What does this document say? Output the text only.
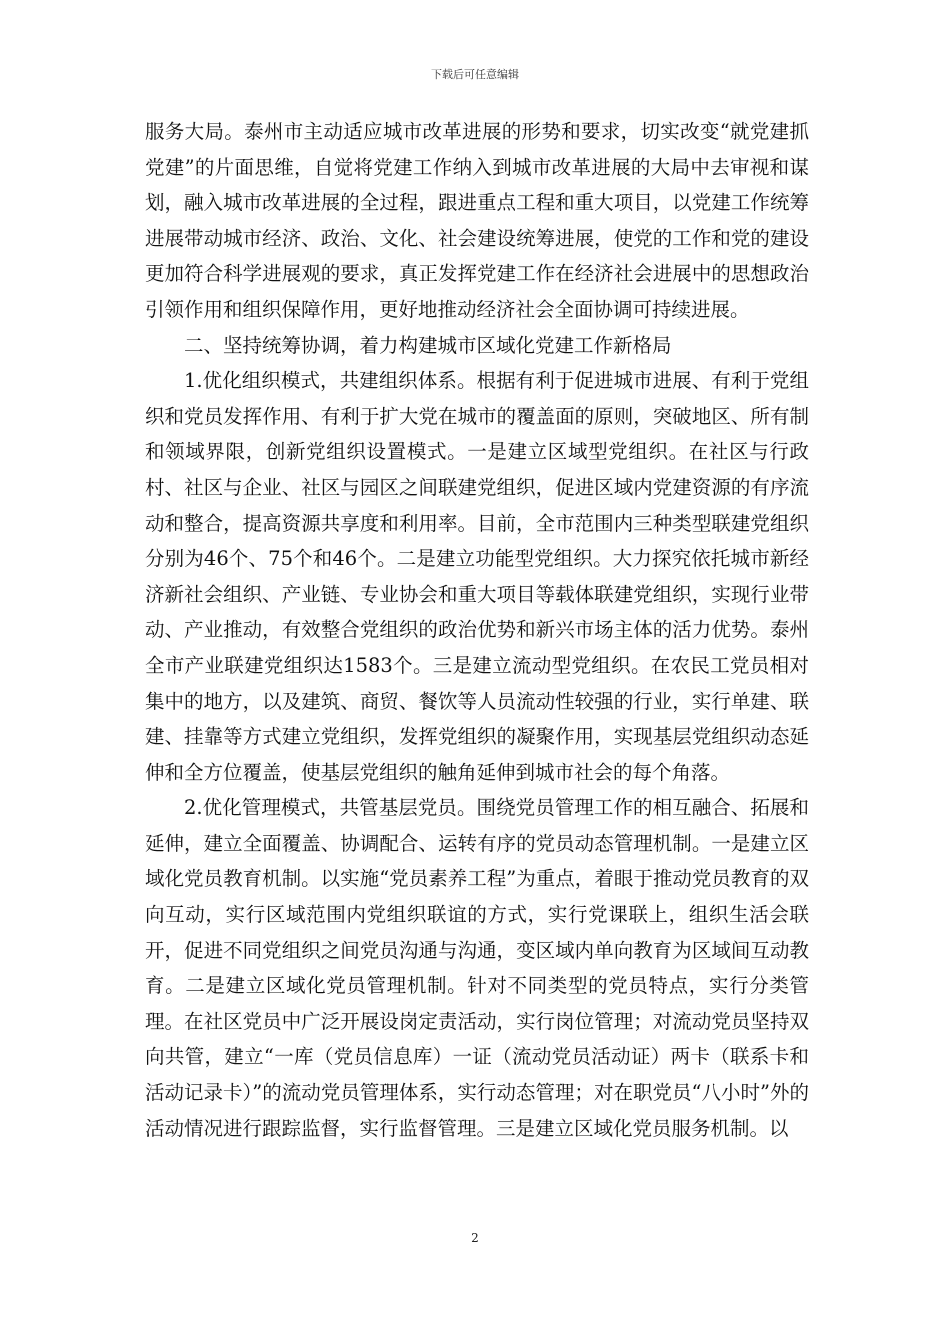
下载后可任意编辑

服务大局。泰州市主动适应城市改革进展的形势和要求，切实改变“就党建抓党建”的片面思维，自觉将党建工作纳入到城市改革进展的大局中去审视和谋划，融入城市改革进展的全过程，跟进重点工程和重大项目，以党建工作统筹进展带动城市经济、政治、文化、社会建设统筹进展，使党的工作和党的建设更加符合科学进展观的要求，真正发挥党建工作在经济社会进展中的思想政治引领作用和组织保障作用，更好地推动经济社会全面协调可持续进展。

二、坚持统筹协调，着力构建城市区域化党建工作新格局

1.优化组织模式，共建组织体系。根据有利于促进城市进展、有利于党组织和党员发挥作用、有利于扩大党在城市的覆盖面的原则，突破地区、所有制和领域界限，创新党组织设置模式。一是建立区域型党组织。在社区与行政村、社区与企业、社区与园区之间联建党组织，促进区域内党建资源的有序流动和整合，提高资源共享度和利用率。目前，全市范围内三种类型联建党组织分别为46个、75个和46个。二是建立功能型党组织。大力探究依托城市新经济新社会组织、产业链、专业协会和重大项目等载体联建党组织，实现行业带动、产业推动，有效整合党组织的政治优势和新兴市场主体的活力优势。泰州全市产业联建党组织达1583个。三是建立流动型党组织。在农民工党员相对集中的地方，以及建筑、商贸、餐饮等人员流动性较强的行业，实行单建、联建、挂靠等方式建立党组织，发挥党组织的凝聚作用，实现基层党组织动态延伸和全方位覆盖，使基层党组织的触角延伸到城市社会的每个角落。

2.优化管理模式，共管基层党员。围绕党员管理工作的相互融合、拓展和延伸，建立全面覆盖、协调配合、运转有序的党员动态管理机制。一是建立区域化党员教育机制。以实施“党员素养工程”为重点，着眼于推动党员教育的双向互动，实行区域范围内党组织联谊的方式，实行党课联上，组织生活会联开，促进不同党组织之间党员沟通与沟通，变区域内单向教育为区域间互动教育。二是建立区域化党员管理机制。针对不同类型的党员特点，实行分类管理。在社区党员中广泛开展设岗定责活动，实行岗位管理；对流动党员坚持双向共管，建立“一库（党员信息库）一证（流动党员活动证）两卡（联系卡和活动记录卡）”的流动党员管理体系，实行动态管理；对在职党员“八小时”外的活动情况进行跟踪监督，实行监督管理。三是建立区域化党员服务机制。以

2
